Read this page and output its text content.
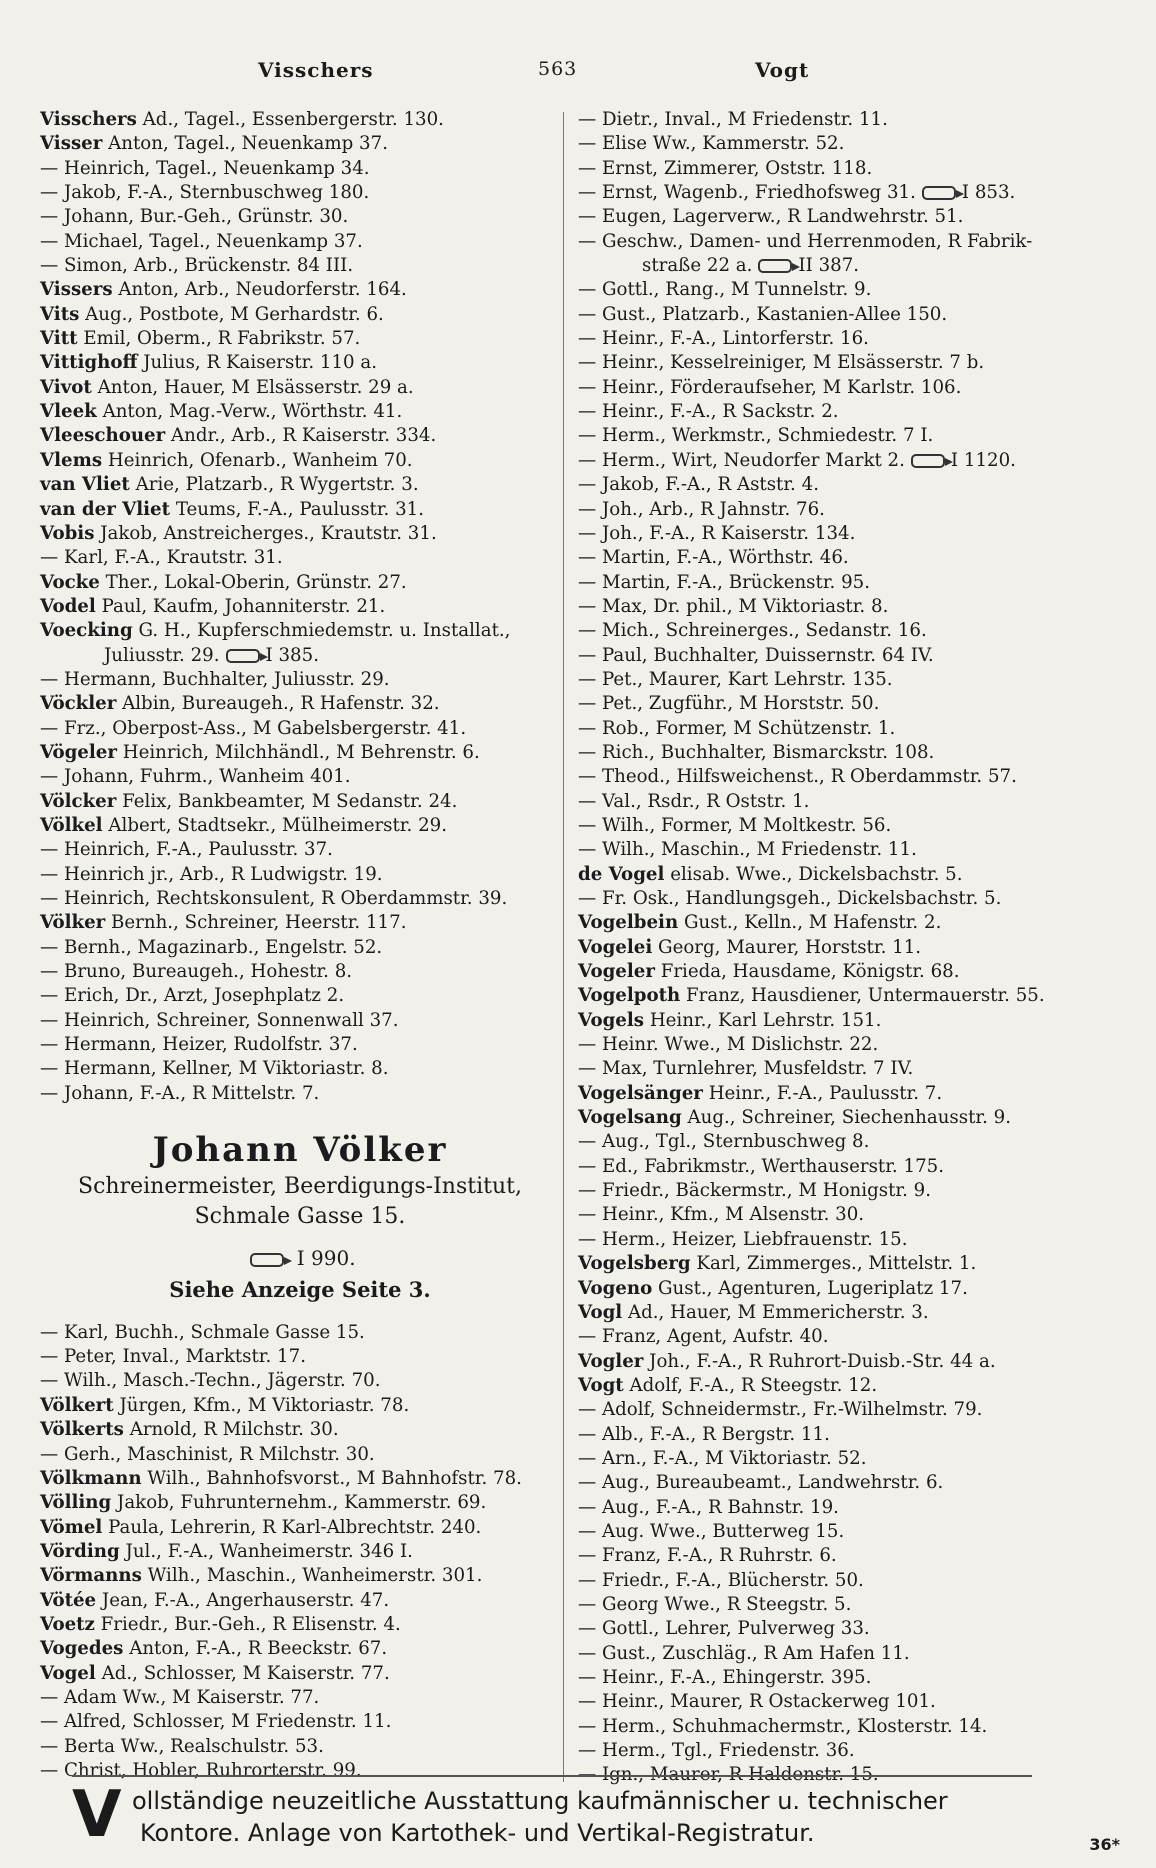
Visschers	563	Vogt
Visschers Ad., Tagel., Essenbergerstr. 130.
Visser Anton, Tagel., Neuenkamp 37.
— Heinrich, Tagel., Neuenkamp 34.
— Jakob, F.-A., Sternbuschweg 180.
— Johann, Bur.-Geh., Grünstr. 30.
— Michael, Tagel., Neuenkamp 37.
— Simon, Arb., Brückenstr. 84 III.
Vissers Anton, Arb., Neudorferstr. 164.
Vits Aug., Postbote, M Gerhardstr. 6.
Vitt Emil, Oberm., R Fabrikstr. 57.
Vittighoff Julius, R Kaiserstr. 110 a.
Vivot Anton, Hauer, M Elsässerstr. 29 a.
Vleek Anton, Mag.-Verw., Wörthstr. 41.
Vleeschouer Andr., Arb., R Kaiserstr. 334.
Vlems Heinrich, Ofenarb., Wanheim 70.
van Vliet Arie, Platzarb., R Wygertstr. 3.
van der Vliet Teums, F.-A., Paulusstr. 31.
Vobis Jakob, Anstreicherges., Krautstr. 31.
— Karl, F.-A., Krautstr. 31.
Vocke Ther., Lokal-Oberin, Grünstr. 27.
Vodel Paul, Kaufm, Johanniterstr. 21.
Voecking G. H., Kupferschmiedemstr. u. Installat.,
Juliusstr. 29.	I 385.
— Hermann, Buchhalter, Juliusstr. 29.
Vöckler Albin, Bureaugeh., R Hafenstr. 32.
— Frz., Oberpost-Ass., M Gabelsbergerstr. 41.
Vögeler Heinrich, Milchhändl., M Behrenstr. 6.
— Johann, Fuhrm., Wanheim 401.
Völcker Felix, Bankbeamter, M Sedanstr. 24.
Völkel Albert, Stadtsekr., Mülheimerstr. 29.
— Heinrich, F.-A., Paulusstr. 37.
— Heinrich jr., Arb., R Ludwigstr. 19.
— Heinrich, Rechtskonsulent, R Oberdammstr. 39.
Völker Bernh., Schreiner, Heerstr. 117.
— Bernh., Magazinarb., Engelstr. 52.
— Bruno, Bureaugeh., Hohestr. 8.
— Erich, Dr., Arzt, Josephplatz 2.
— Heinrich, Schreiner, Sonnenwall 37.
— Hermann, Heizer, Rudolfstr. 37.
— Hermann, Kellner, M Viktoriastr. 8.
— Johann, F.-A., R Mittelstr. 7.
Johann Völker
Schreinermeister, Beerdigungs-Institut,
Schmale Gasse 15.
I 990.
Siehe Anzeige Seite 3.
— Karl, Buchh., Schmale Gasse 15.
— Peter, Inval., Marktstr. 17.
— Wilh., Masch.-Techn., Jägerstr. 70.
Völkert Jürgen, Kfm., M Viktoriastr. 78.
Völkerts Arnold, R Milchstr. 30.
— Gerh., Maschinist, R Milchstr. 30.
Völkmann Wilh., Bahnhofsvorst., M Bahnhofstr. 78.
Völling Jakob, Fuhrunternehm., Kammerstr. 69.
Vömel Paula, Lehrerin, R Karl-Albrechtstr. 240.
Vörding Jul., F.-A., Wanheimerstr. 346 I.
Vörmanns Wilh., Maschin., Wanheimerstr. 301.
Vötée Jean, F.-A., Angerhauserstr. 47.
Voetz Friedr., Bur.-Geh., R Elisenstr. 4.
Vogedes Anton, F.-A., R Beeckstr. 67.
Vogel Ad., Schlosser, M Kaiserstr. 77.
— Adam Ww., M Kaiserstr. 77.
— Alfred, Schlosser, M Friedenstr. 11.
— Berta Ww., Realschulstr. 53.
— Christ, Hobler, Ruhrorterstr. 99.
— Dietr., Inval., M Friedenstr. 11.
— Elise Ww., Kammerstr. 52.
— Ernst, Zimmerer, Oststr. 118.
— Ernst, Wagenb., Friedhofsweg 31.	I 853.
— Eugen, Lagerverw., R Landwehrstr. 51.
— Geschw., Damen- und Herrenmoden, R Fabrik-
straße 22 a.	II 387.
— Gottl., Rang., M Tunnelstr. 9.
— Gust., Platzarb., Kastanien-Allee 150.
— Heinr., F.-A., Lintorferstr. 16.
— Heinr., Kesselreiniger, M Elsässerstr. 7 b.
— Heinr., Förderaufseher, M Karlstr. 106.
— Heinr., F.-A., R Sackstr. 2.
— Herm., Werkmstr., Schmiedestr. 7 I.
— Herm., Wirt, Neudorfer Markt 2.	I 1120.
— Jakob, F.-A., R Aststr. 4.
— Joh., Arb., R Jahnstr. 76.
— Joh., F.-A., R Kaiserstr. 134.
— Martin, F.-A., Wörthstr. 46.
— Martin, F.-A., Brückenstr. 95.
— Max, Dr. phil., M Viktoriastr. 8.
— Mich., Schreinerges., Sedanstr. 16.
— Paul, Buchhalter, Duissernstr. 64 IV.
— Pet., Maurer, Kart Lehrstr. 135.
— Pet., Zugführ., M Horststr. 50.
— Rob., Former, M Schützenstr. 1.
— Rich., Buchhalter, Bismarckstr. 108.
— Theod., Hilfsweichenst., R Oberdammstr. 57.
— Val., Rsdr., R Oststr. 1.
— Wilh., Former, M Moltkestr. 56.
— Wilh., Maschin., M Friedenstr. 11.
de Vogel elisab. Wwe., Dickelsbachstr. 5.
— Fr. Osk., Handlungsgeh., Dickelsbachstr. 5.
Vogelbein Gust., Kelln., M Hafenstr. 2.
Vogelei Georg, Maurer, Horststr. 11.
Vogeler Frieda, Hausdame, Königstr. 68.
Vogelpoth Franz, Hausdiener, Untermauerstr. 55.
Vogels Heinr., Karl Lehrstr. 151.
— Heinr. Wwe., M Dislichstr. 22.
— Max, Turnlehrer, Musfeldstr. 7 IV.
Vogelsänger Heinr., F.-A., Paulusstr. 7.
Vogelsang Aug., Schreiner, Siechenhausstr. 9.
— Aug., Tgl., Sternbuschweg 8.
— Ed., Fabrikmstr., Werthauserstr. 175.
— Friedr., Bäckermstr., M Honigstr. 9.
— Heinr., Kfm., M Alsenstr. 30.
— Herm., Heizer, Liebfrauenstr. 15.
Vogelsberg Karl, Zimmerges., Mittelstr. 1.
Vogeno Gust., Agenturen, Lugeriplatz 17.
Vogl Ad., Hauer, M Emmericherstr. 3.
— Franz, Agent, Aufstr. 40.
Vogler Joh., F.-A., R Ruhrort-Duisb.-Str. 44 a.
Vogt Adolf, F.-A., R Steegstr. 12.
— Adolf, Schneidermstr., Fr.-Wilhelmstr. 79.
— Alb., F.-A., R Bergstr. 11.
— Arn., F.-A., M Viktoriastr. 52.
— Aug., Bureaubeamt., Landwehrstr. 6.
— Aug., F.-A., R Bahnstr. 19.
— Aug. Wwe., Butterweg 15.
— Franz, F.-A., R Ruhrstr. 6.
— Friedr., F.-A., Blücherstr. 50.
— Georg Wwe., R Steegstr. 5.
— Gottl., Lehrer, Pulverweg 33.
— Gust., Zuschläg., R Am Hafen 11.
— Heinr., F.-A., Ehingerstr. 395.
— Heinr., Maurer, R Ostackerweg 101.
— Herm., Schuhmachermstr., Klosterstr. 14.
— Herm., Tgl., Friedenstr. 36.
— Ign., Maurer, R Haldenstr. 15.
V ollständige neuzeitliche Ausstattung kaufmännischer u. technischer
Kontore. Anlage von Kartothek- und Vertikal-Registratur.	36*
